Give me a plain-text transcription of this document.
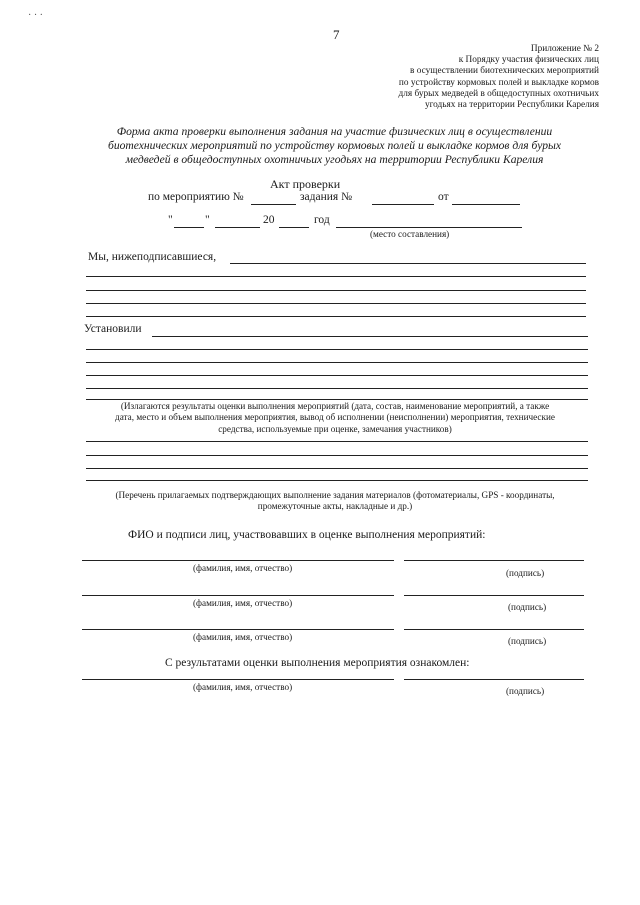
· · ·
7
Приложение № 2
к Порядку участия физических лиц
в осуществлении биотехнических мероприятий
по устройству кормовых полей и выкладке кормов
для бурых медведей в общедоступных охотничьих
угодьях на территории Республики Карелия
Форма акта проверки выполнения задания на участие физических лиц в осуществлении
биотехнических мероприятий по устройству кормовых полей и выкладке кормов для бурых
медведей в общедоступных охотничьих угодьях на территории Республики Карелия
Акт проверки
по мероприятию №	задания №	от
"	"	20	год
(место составления)
Мы, нижеподписавшиеся,
Установили
(Излагаются результаты оценки выполнения мероприятий (дата, состав, наименование мероприятий, а также
дата, место и объем выполнения мероприятия, вывод об исполнении (неисполнении) мероприятия, технические
средства, используемые при оценке, замечания участников)
(Перечень прилагаемых подтверждающих выполнение задания материалов (фотоматериалы, GPS - координаты,
промежуточные акты, накладные и др.)
ФИО и подписи лиц, участвовавших в оценке выполнения мероприятий:
(фамилия, имя, отчество)	(подпись)
(фамилия, имя, отчество)	(подпись)
(фамилия, имя, отчество)	(подпись)
С результатами оценки выполнения мероприятия ознакомлен:
(фамилия, имя, отчество)	(подпись)
